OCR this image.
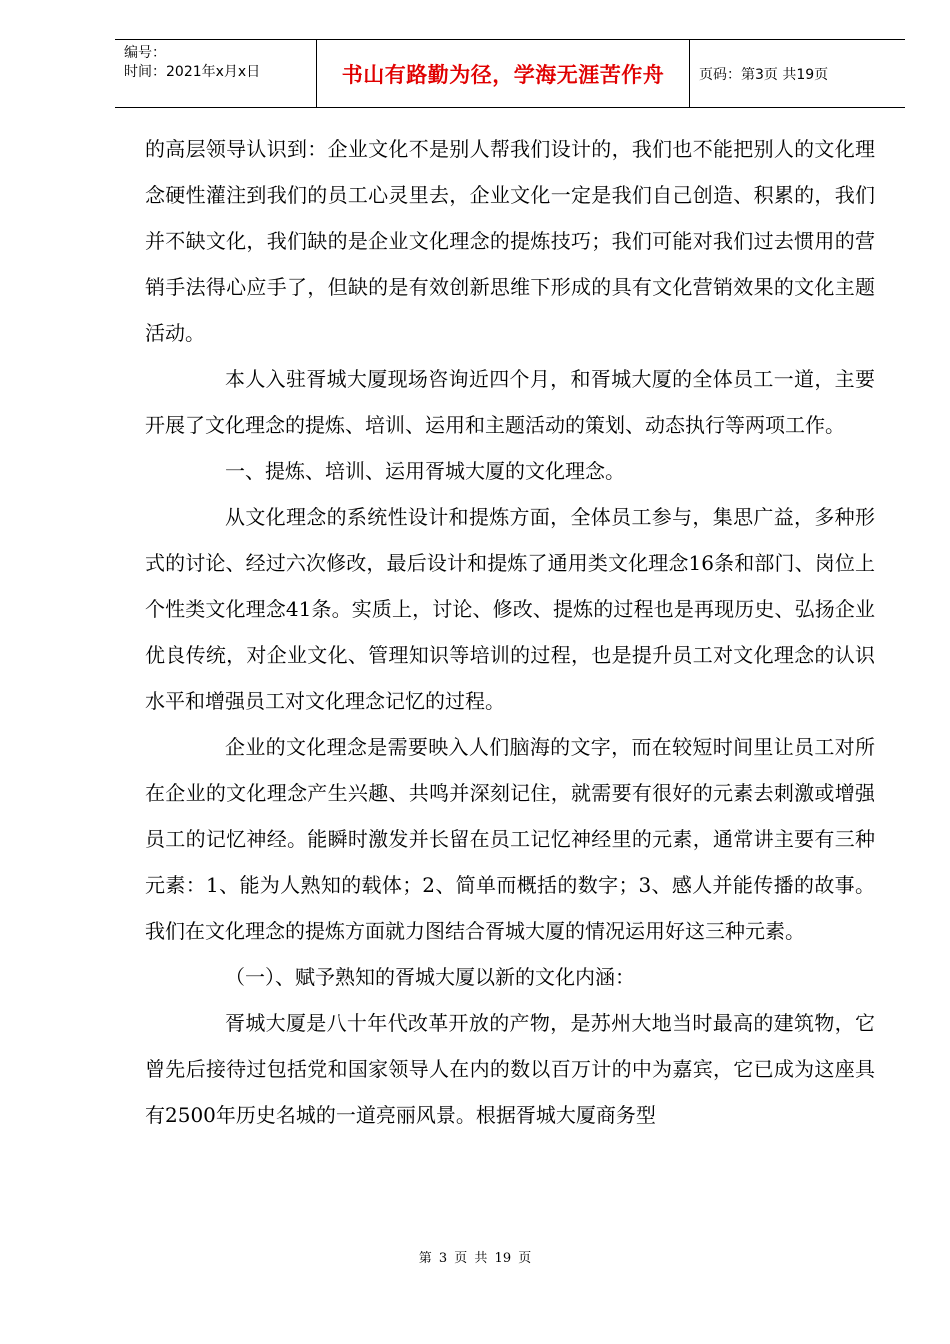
编号：
时间：2021年x月x日	书山有路勤为径，学海无涯苦作舟 页码：第3页 共19页

的高层领导认识到：企业文化不是别人帮我们设计的，我们也不能把别人的文化理念硬性灌注到我们的员工心灵里去，企业文化一定是我们自己创造、积累的，我们并不缺文化，我们缺的是企业文化理念的提炼技巧；我们可能对我们过去惯用的营销手法得心应手了，但缺的是有效创新思维下形成的具有文化营销效果的文化主题活动。

本人入驻胥城大厦现场咨询近四个月，和胥城大厦的全体员工一道，主要开展了文化理念的提炼、培训、运用和主题活动的策划、动态执行等两项工作。

一、提炼、培训、运用胥城大厦的文化理念。

从文化理念的系统性设计和提炼方面，全体员工参与，集思广益，多种形式的讨论、经过六次修改，最后设计和提炼了通用类文化理念16条和部门、岗位上个性类文化理念41条。实质上，讨论、修改、提炼的过程也是再现历史、弘扬企业优良传统，对企业文化、管理知识等培训的过程，也是提升员工对文化理念的认识水平和增强员工对文化理念记忆的过程。

企业的文化理念是需要映入人们脑海的文字，而在较短时间里让员工对所在企业的文化理念产生兴趣、共鸣并深刻记住，就需要有很好的元素去刺激或增强员工的记忆神经。能瞬时激发并长留在员工记忆神经里的元素，通常讲主要有三种元素：1、能为人熟知的载体；2、简单而概括的数字；3、感人并能传播的故事。 我们在文化理念的提炼方面就力图结合胥城大厦的情况运用好这三种元素。

（一）、赋予熟知的胥城大厦以新的文化内涵：

胥城大厦是八十年代改革开放的产物，是苏州大地当时最高的建筑物，它曾先后接待过包括党和国家领导人在内的数以百万计的中为嘉宾，它已成为这座具有2500年历史名城的一道亮丽风景。根据胥城大厦商务型

第 3 页 共 19 页
